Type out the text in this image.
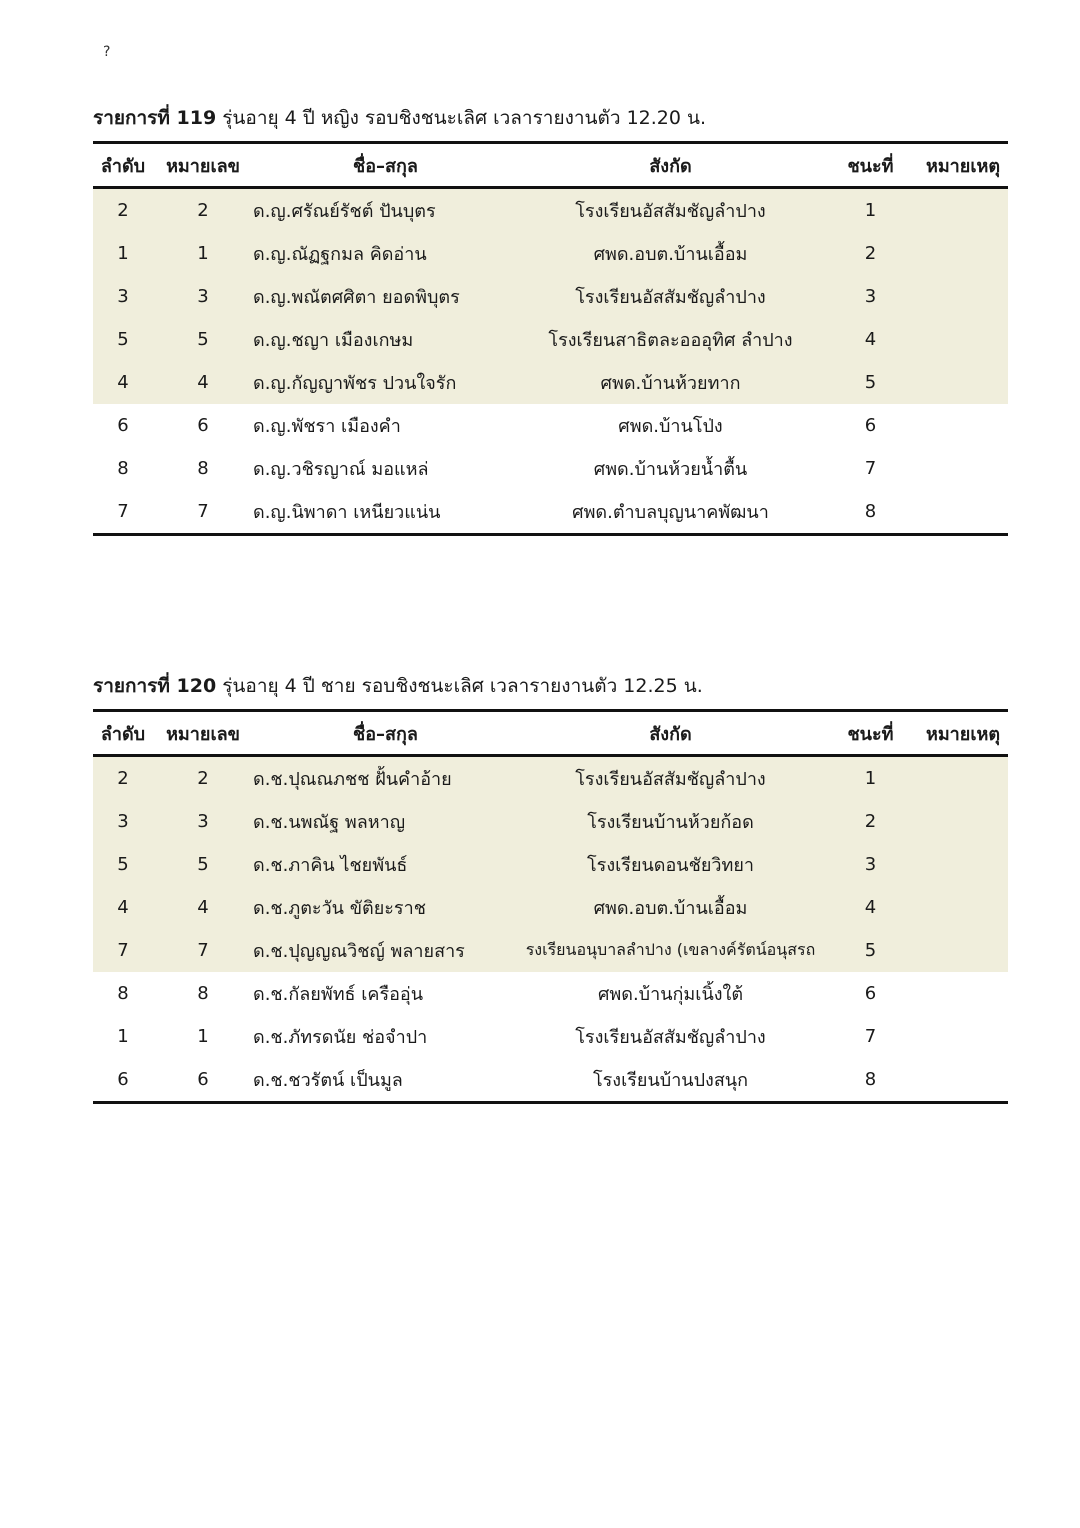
?
รายการที่ 119 รุ่นอายุ 4 ปี หญิง รอบชิงชนะเลิศ เวลารายงานตัว 12.20 น.
ลำดับ	หมายเลข	ชื่อ–สกุล	สังกัด	ชนะที่	หมายเหตุ
2	2	ด.ญ.ศรัณย์รัชต์ ปันบุตร	โรงเรียนอัสสัมชัญลำปาง	1	
1	1	ด.ญ.ณัฏฐกมล คิดอ่าน	ศพด.อบต.บ้านเอื้อม	2	
3	3	ด.ญ.พณัตศศิตา ยอดพิบุตร	โรงเรียนอัสสัมชัญลำปาง	3	
5	5	ด.ญ.ชญา เมืองเกษม	โรงเรียนสาธิตละอออุทิศ ลำปาง	4	
4	4	ด.ญ.กัญญาพัชร ปวนใจรัก	ศพด.บ้านห้วยทาก	5	
6	6	ด.ญ.พัชรา เมืองคำ	ศพด.บ้านโป่ง	6	
8	8	ด.ญ.วชิรญาณ์ มอแหล่	ศพด.บ้านห้วยน้ำตื้น	7	
7	7	ด.ญ.นิพาดา เหนียวแน่น	ศพด.ตำบลบุญนาคพัฒนา	8	
รายการที่ 120 รุ่นอายุ 4 ปี ชาย รอบชิงชนะเลิศ เวลารายงานตัว 12.25 น.
ลำดับ	หมายเลข	ชื่อ–สกุล	สังกัด	ชนะที่	หมายเหตุ
2	2	ด.ช.ปุณณภชช ฝั้นคำอ้าย	โรงเรียนอัสสัมชัญลำปาง	1	
3	3	ด.ช.นพณัฐ พลหาญ	โรงเรียนบ้านห้วยก้อด	2	
5	5	ด.ช.ภาคิน ไชยพันธ์	โรงเรียนดอนชัยวิทยา	3	
4	4	ด.ช.ภูตะวัน ขัติยะราช	ศพด.อบต.บ้านเอื้อม	4	
7	7	ด.ช.ปุญญณวิชญ์ พลายสาร	รงเรียนอนุบาลลำปาง (เขลางค์รัตน์อนุสรถ	5	
8	8	ด.ช.กัลยพัทธ์ เครืออุ่น	ศพด.บ้านกุ่มเนิ้งใต้	6	
1	1	ด.ช.ภัทรดนัย ช่อจำปา	โรงเรียนอัสสัมชัญลำปาง	7	
6	6	ด.ช.ชวรัตน์ เป็นมูล	โรงเรียนบ้านปงสนุก	8	
